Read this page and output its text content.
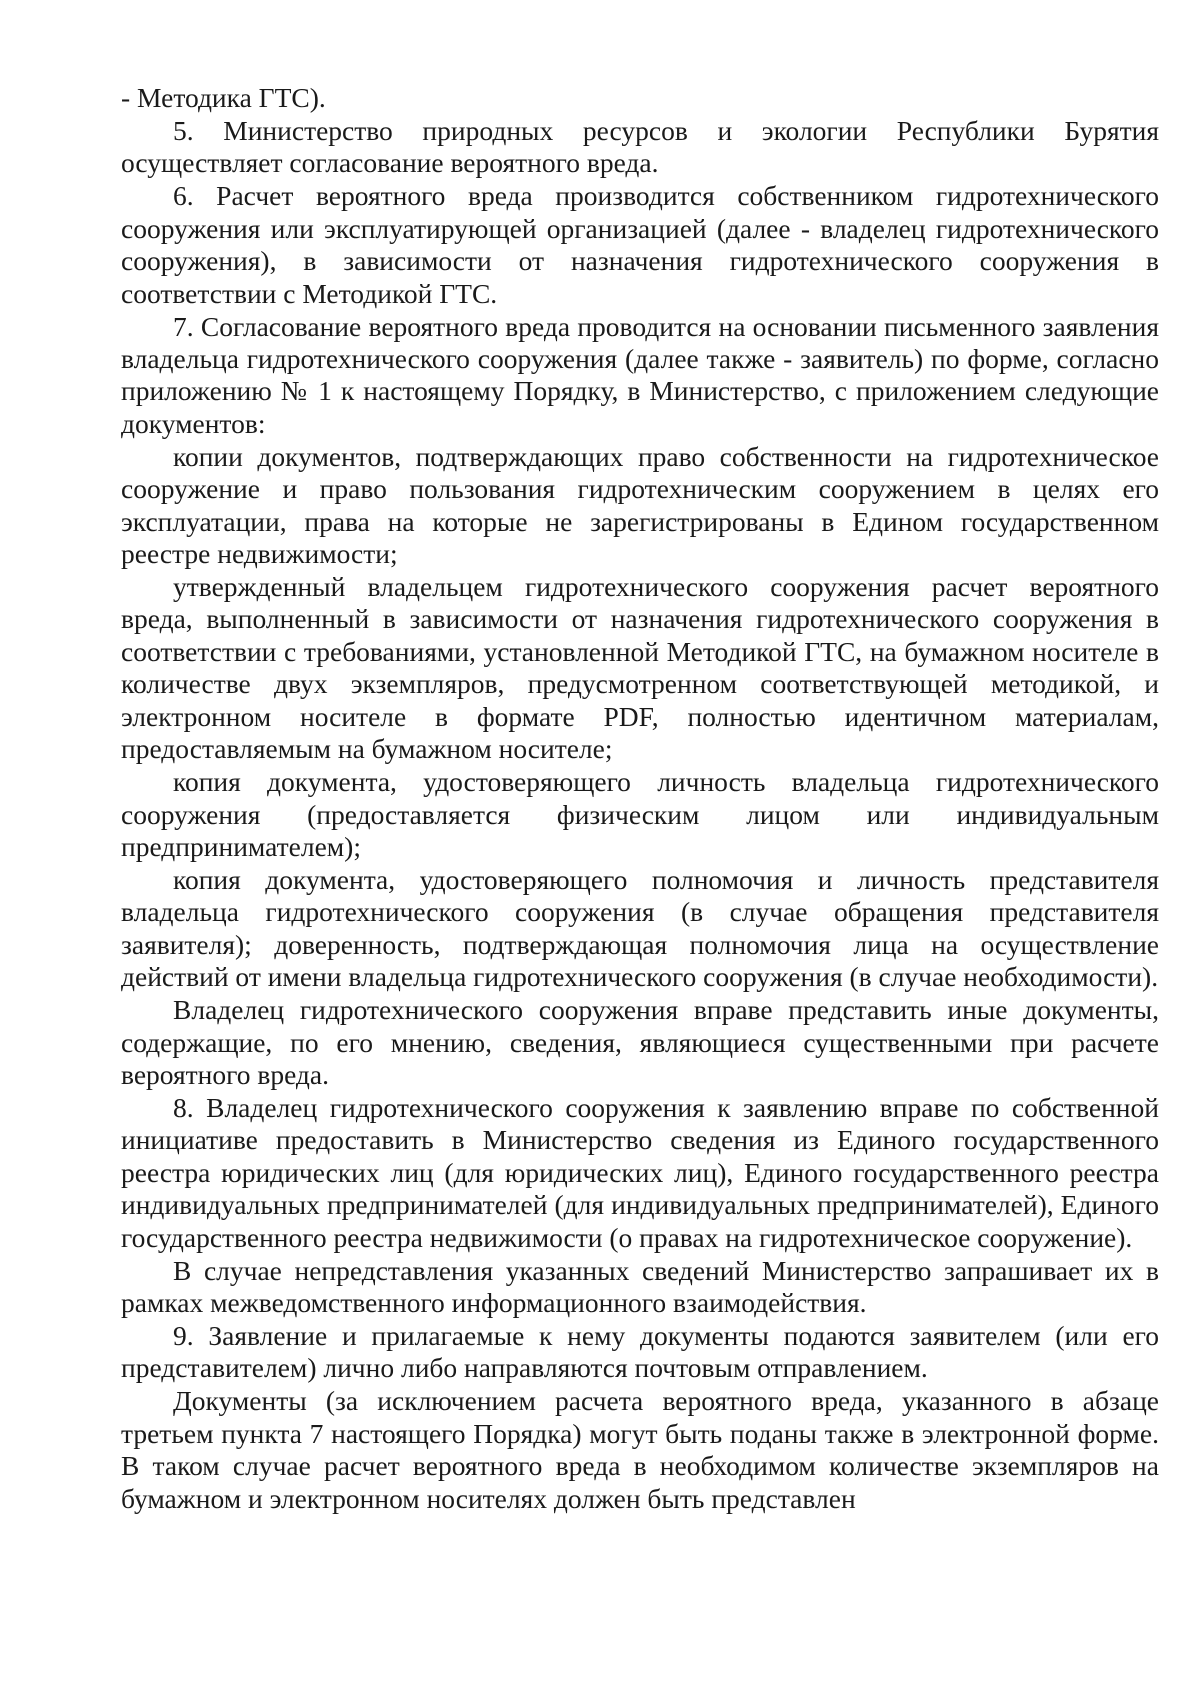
- Методика ГТС).

5. Министерство природных ресурсов и экологии Республики Бурятия осуществляет согласование вероятного вреда.

6. Расчет вероятного вреда производится собственником гидротехнического сооружения или эксплуатирующей организацией (далее - владелец гидротехнического сооружения), в зависимости от назначения гидротехнического сооружения в соответствии с Методикой ГТС.

7. Согласование вероятного вреда проводится на основании письменного заявления владельца гидротехнического сооружения (далее также - заявитель) по форме, согласно приложению № 1 к настоящему Порядку, в Министерство, с приложением следующие документов:

копии документов, подтверждающих право собственности на гидротехническое сооружение и право пользования гидротехническим сооружением в целях его эксплуатации, права на которые не зарегистрированы в Едином государственном реестре недвижимости;

утвержденный владельцем гидротехнического сооружения расчет вероятного вреда, выполненный в зависимости от назначения гидротехнического сооружения в соответствии с требованиями, установленной Методикой ГТС, на бумажном носителе в количестве двух экземпляров, предусмотренном соответствующей методикой, и электронном носителе в формате PDF, полностью идентичном материалам, предоставляемым на бумажном носителе;

копия документа, удостоверяющего личность владельца гидротехнического сооружения (предоставляется физическим лицом или индивидуальным предпринимателем);

копия документа, удостоверяющего полномочия и личность представителя владельца гидротехнического сооружения (в случае обращения представителя заявителя); доверенность, подтверждающая полномочия лица на осуществление действий от имени владельца гидротехнического сооружения (в случае необходимости).

Владелец гидротехнического сооружения вправе представить иные документы, содержащие, по его мнению, сведения, являющиеся существенными при расчете вероятного вреда.

8. Владелец гидротехнического сооружения к заявлению вправе по собственной инициативе предоставить в Министерство сведения из Единого государственного реестра юридических лиц (для юридических лиц), Единого государственного реестра индивидуальных предпринимателей (для индивидуальных предпринимателей), Единого государственного реестра недвижимости (о правах на гидротехническое сооружение).

В случае непредставления указанных сведений Министерство запрашивает их в рамках межведомственного информационного взаимодействия.

9. Заявление и прилагаемые к нему документы подаются заявителем (или его представителем) лично либо направляются почтовым отправлением.

Документы (за исключением расчета вероятного вреда, указанного в абзаце третьем пункта 7 настоящего Порядка) могут быть поданы также в электронной форме. В таком случае расчет вероятного вреда в необходимом количестве экземпляров на бумажном и электронном носителях должен быть представлен
